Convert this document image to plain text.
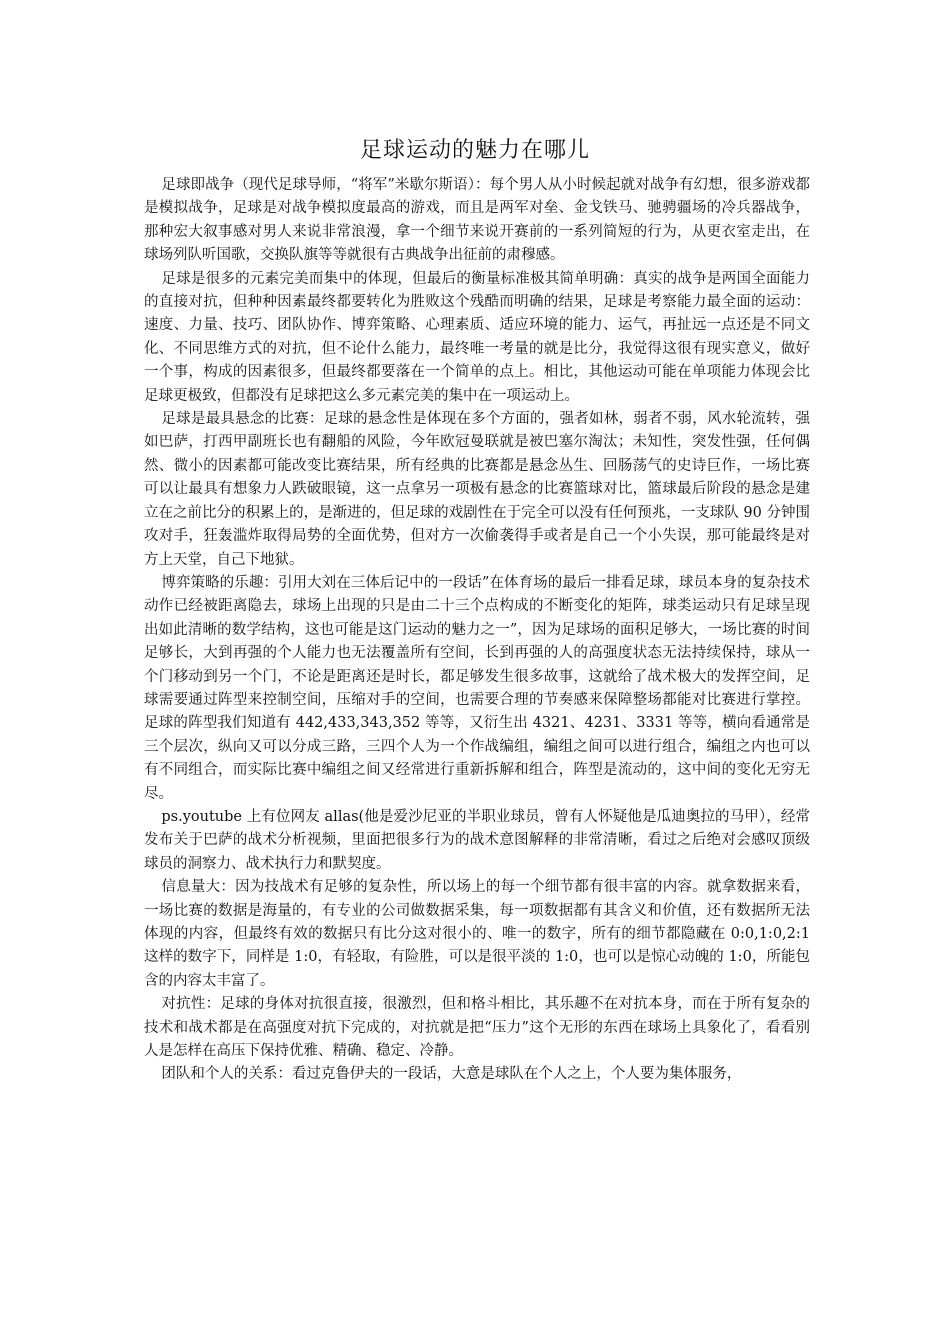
足球运动的魅力在哪儿

足球即战争（现代足球导师，“将军”米歇尔斯语）：每个男人从小时候起就对战争有幻想，很多游戏都是模拟战争，足球是对战争模拟度最高的游戏，而且是两军对垒、金戈铁马、驰骋疆场的冷兵器战争，那种宏大叙事感对男人来说非常浪漫，拿一个细节来说开赛前的一系列简短的行为，从更衣室走出，在球场列队听国歌，交换队旗等等就很有古典战争出征前的肃穆感。

足球是很多的元素完美而集中的体现，但最后的衡量标准极其简单明确：真实的战争是两国全面能力的直接对抗，但种种因素最终都要转化为胜败这个残酷而明确的结果，足球是考察能力最全面的运动：速度、力量、技巧、团队协作、博弈策略、心理素质、适应环境的能力、运气，再扯远一点还是不同文化、不同思维方式的对抗，但不论什么能力，最终唯一考量的就是比分，我觉得这很有现实意义，做好一个事，构成的因素很多，但最终都要落在一个简单的点上。相比，其他运动可能在单项能力体现会比足球更极致，但都没有足球把这么多元素完美的集中在一项运动上。

足球是最具悬念的比赛：足球的悬念性是体现在多个方面的，强者如林，弱者不弱，风水轮流转，强如巴萨，打西甲副班长也有翻船的风险，今年欧冠曼联就是被巴塞尔淘汰；未知性，突发性强，任何偶然、微小的因素都可能改变比赛结果，所有经典的比赛都是悬念丛生、回肠荡气的史诗巨作，一场比赛可以让最具有想象力人跌破眼镜，这一点拿另一项极有悬念的比赛篮球对比，篮球最后阶段的悬念是建立在之前比分的积累上的，是渐进的，但足球的戏剧性在于完全可以没有任何预兆，一支球队 90 分钟围攻对手，狂轰滥炸取得局势的全面优势，但对方一次偷袭得手或者是自己一个小失误，那可能最终是对方上天堂，自己下地狱。

博弈策略的乐趣：引用大刘在三体后记中的一段话”在体育场的最后一排看足球，球员本身的复杂技术动作已经被距离隐去，球场上出现的只是由二十三个点构成的不断变化的矩阵，球类运动只有足球呈现出如此清晰的数学结构，这也可能是这门运动的魅力之一”，因为足球场的面积足够大，一场比赛的时间足够长，大到再强的个人能力也无法覆盖所有空间，长到再强的人的高强度状态无法持续保持，球从一个门移动到另一个门，不论是距离还是时长，都足够发生很多故事，这就给了战术极大的发挥空间，足球需要通过阵型来控制空间，压缩对手的空间，也需要合理的节奏感来保障整场都能对比赛进行掌控。足球的阵型我们知道有 442,433,343,352 等等，又衍生出 4321、4231、3331 等等，横向看通常是三个层次，纵向又可以分成三路，三四个人为一个作战编组，编组之间可以进行组合，编组之内也可以有不同组合，而实际比赛中编组之间又经常进行重新拆解和组合，阵型是流动的，这中间的变化无穷无尽。

ps.youtube 上有位网友 allas(他是爱沙尼亚的半职业球员，曾有人怀疑他是瓜迪奥拉的马甲），经常发布关于巴萨的战术分析视频，里面把很多行为的战术意图解释的非常清晰，看过之后绝对会感叹顶级球员的洞察力、战术执行力和默契度。

信息量大：因为技战术有足够的复杂性，所以场上的每一个细节都有很丰富的内容。就拿数据来看，一场比赛的数据是海量的，有专业的公司做数据采集，每一项数据都有其含义和价值，还有数据所无法体现的内容，但最终有效的数据只有比分这对很小的、唯一的数字，所有的细节都隐藏在 0:0,1:0,2:1 这样的数字下，同样是 1:0，有轻取，有险胜，可以是很平淡的 1:0，也可以是惊心动魄的 1:0，所能包含的内容太丰富了。

对抗性：足球的身体对抗很直接，很激烈，但和格斗相比，其乐趣不在对抗本身，而在于所有复杂的技术和战术都是在高强度对抗下完成的，对抗就是把“压力”这个无形的东西在球场上具象化了，看看别人是怎样在高压下保持优雅、精确、稳定、冷静。

团队和个人的关系：看过克鲁伊夫的一段话，大意是球队在个人之上，个人要为集体服务，
